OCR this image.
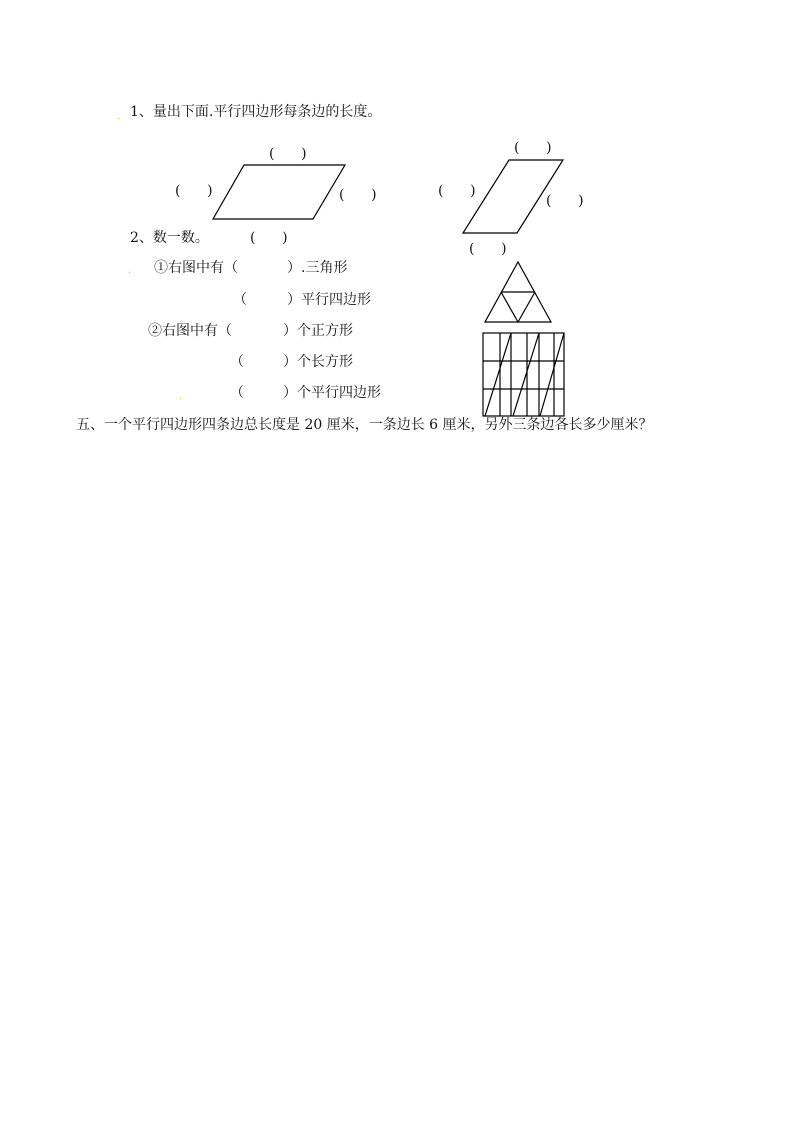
.
.
.
1、量出下面.平行四边形每条边的长度。
(      )
(      )	(      )
(      )
(      )
(      )
(      )
2、数一数。	(      )
①右图中有（	）.三角形
（	）平行四边形
②右图中有（	）个正方形
（	）个长方形
（	）个平行四边形
五、一个平行四边形四条边总长度是 20 厘米，一条边长 6 厘米，另外三条边各长多少厘米？
